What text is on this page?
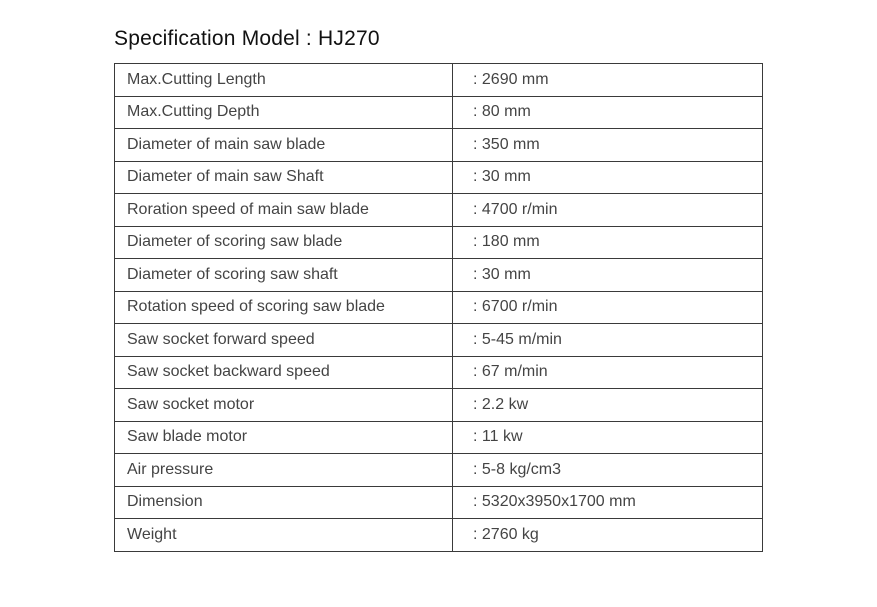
Specification Model : HJ270
Max.Cutting Length	: 2690 mm
Max.Cutting Depth	: 80 mm
Diameter of main saw blade	: 350 mm
Diameter of main saw Shaft	: 30 mm
Roration speed of main saw blade	: 4700 r/min
Diameter of scoring saw blade	: 180 mm
Diameter of scoring saw shaft	: 30 mm
Rotation speed of scoring saw blade	: 6700 r/min
Saw socket forward speed	: 5-45 m/min
Saw socket backward speed	: 67 m/min
Saw socket motor	: 2.2 kw
Saw blade motor	: 11 kw
Air pressure	: 5-8 kg/cm3
Dimension	: 5320x3950x1700 mm
Weight	: 2760 kg
